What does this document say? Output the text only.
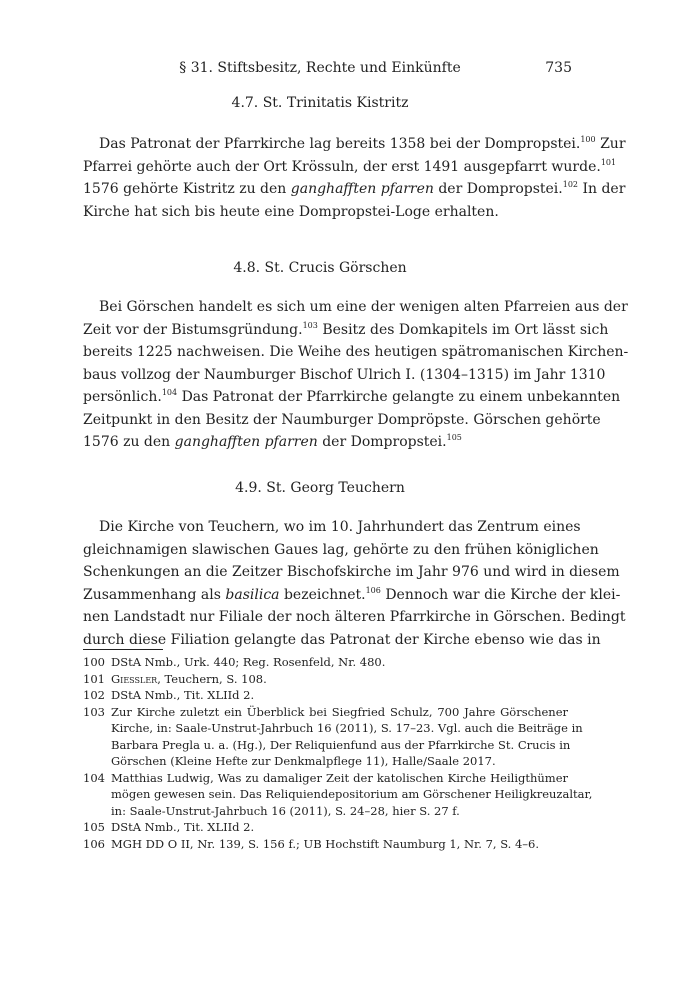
§ 31. Stiftsbesitz, Rechte und Einkünfte	735
4.7. St. Trinitatis Kistritz
Das Patronat der Pfarrkirche lag bereits 1358 bei der Dompropstei.$^{100}$ Zur
Pfarrei gehörte auch der Ort Krössuln, der erst 1491 ausgepfarrt wurde.$^{101}$
1576 gehörte Kistritz zu den ganghafften pfarren der Dompropstei.$^{102}$ In der
Kirche hat sich bis heute eine Dompropstei-Loge erhalten.
4.8. St. Crucis Görschen
Bei Görschen handelt es sich um eine der wenigen alten Pfarreien aus der
Zeit vor der Bistumsgründung.$^{103}$ Besitz des Domkapitels im Ort lässt sich
bereits 1225 nachweisen. Die Weihe des heutigen spätromanischen Kirchen-
baus vollzog der Naumburger Bischof Ulrich I. (1304–1315) im Jahr 1310
persönlich.$^{104}$ Das Patronat der Pfarrkirche gelangte zu einem unbekannten
Zeitpunkt in den Besitz der Naumburger Dompröpste. Görschen gehörte
1576 zu den ganghafften pfarren der Dompropstei.$^{105}$
4.9. St. Georg Teuchern
Die Kirche von Teuchern, wo im 10. Jahrhundert das Zentrum eines
gleichnamigen slawischen Gaues lag, gehörte zu den frühen königlichen
Schenkungen an die Zeitzer Bischofskirche im Jahr 976 und wird in diesem
Zusammenhang als basilica bezeichnet.$^{106}$ Dennoch war die Kirche der klei-
nen Landstadt nur Filiale der noch älteren Pfarrkirche in Görschen. Bedingt
durch diese Filiation gelangte das Patronat der Kirche ebenso wie das in
100 DStA Nmb., Urk. 440; Reg. Rosenfeld, Nr. 480.
101 Giessler, Teuchern, S. 108.
102 DStA Nmb., Tit. XLIId 2.
103 Zur Kirche zuletzt ein Überblick bei Siegfried Schulz, 700 Jahre Görschener
Kirche, in: Saale-Unstrut-Jahrbuch 16 (2011), S. 17–23. Vgl. auch die Beiträge in
Barbara Pregla u. a. (Hg.), Der Reliquienfund aus der Pfarrkirche St. Crucis in
Görschen (Kleine Hefte zur Denkmalpflege 11), Halle/Saale 2017.
104 Matthias Ludwig, Was zu damaliger Zeit der katolischen Kirche Heiligthümer
mögen gewesen sein. Das Reliquiendepositorium am Görschener Heiligkreuzaltar,
in: Saale-Unstrut-Jahrbuch 16 (2011), S. 24–28, hier S. 27 f.
105 DStA Nmb., Tit. XLIId 2.
106 MGH DD O II, Nr. 139, S. 156 f.; UB Hochstift Naumburg 1, Nr. 7, S. 4–6.
